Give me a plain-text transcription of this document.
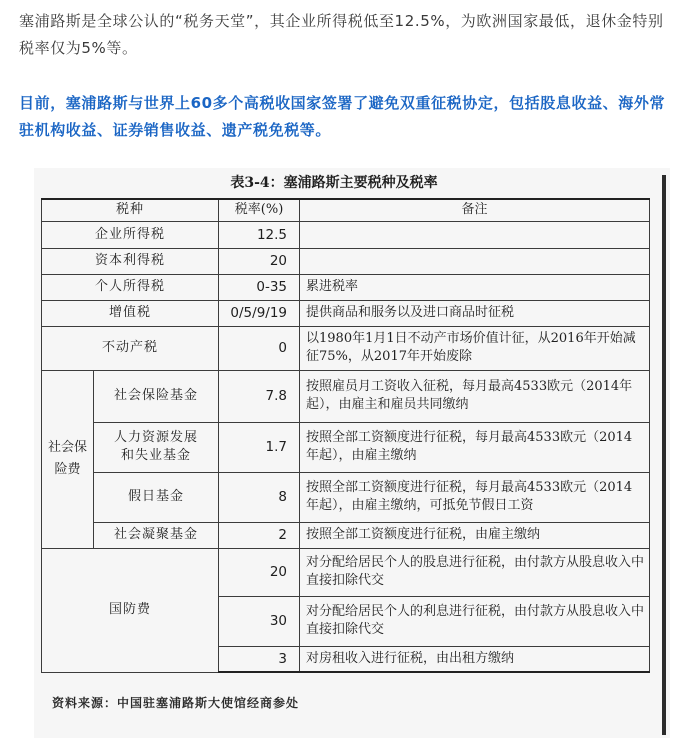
塞浦路斯是全球公认的“税务天堂”，其企业所得税低至12.5%，为欧洲国家最低，退休金特别税率仅为5%等。

目前，塞浦路斯与世界上60多个高税收国家签署了避免双重征税协定，包括股息收益、海外常驻机构收益、证券销售收益、遗产税免税等。

表3-4：塞浦路斯主要税种及税率
税种		税率(%)	备注
企业所得税		12.5	
资本利得税		20	
个人所得税		0-35	累进税率
增值税		0/5/9/19	提供商品和服务以及进口商品时征税
不动产税		0	以1980年1月1日不动产市场价值计征，从2016年开始减征75%，从2017年开始废除
社会保险费	社会保险基金	7.8	按照雇员月工资收入征税，每月最高4533欧元（2014年起），由雇主和雇员共同缴纳
	人力资源发展和失业基金	1.7	按照全部工资额度进行征税，每月最高4533欧元（2014年起），由雇主缴纳
	假日基金	8	按照全部工资额度进行征税，每月最高4533欧元（2014年起），由雇主缴纳，可抵免节假日工资
	社会凝聚基金	2	按照全部工资额度进行征税，由雇主缴纳
国防费		20	对分配给居民个人的股息进行征税，由付款方从股息收入中直接扣除代交
		30	对分配给居民个人的利息进行征税，由付款方从股息收入中直接扣除代交
		3	对房租收入进行征税，由出租方缴纳
资料来源：中国驻塞浦路斯大使馆经商参处
